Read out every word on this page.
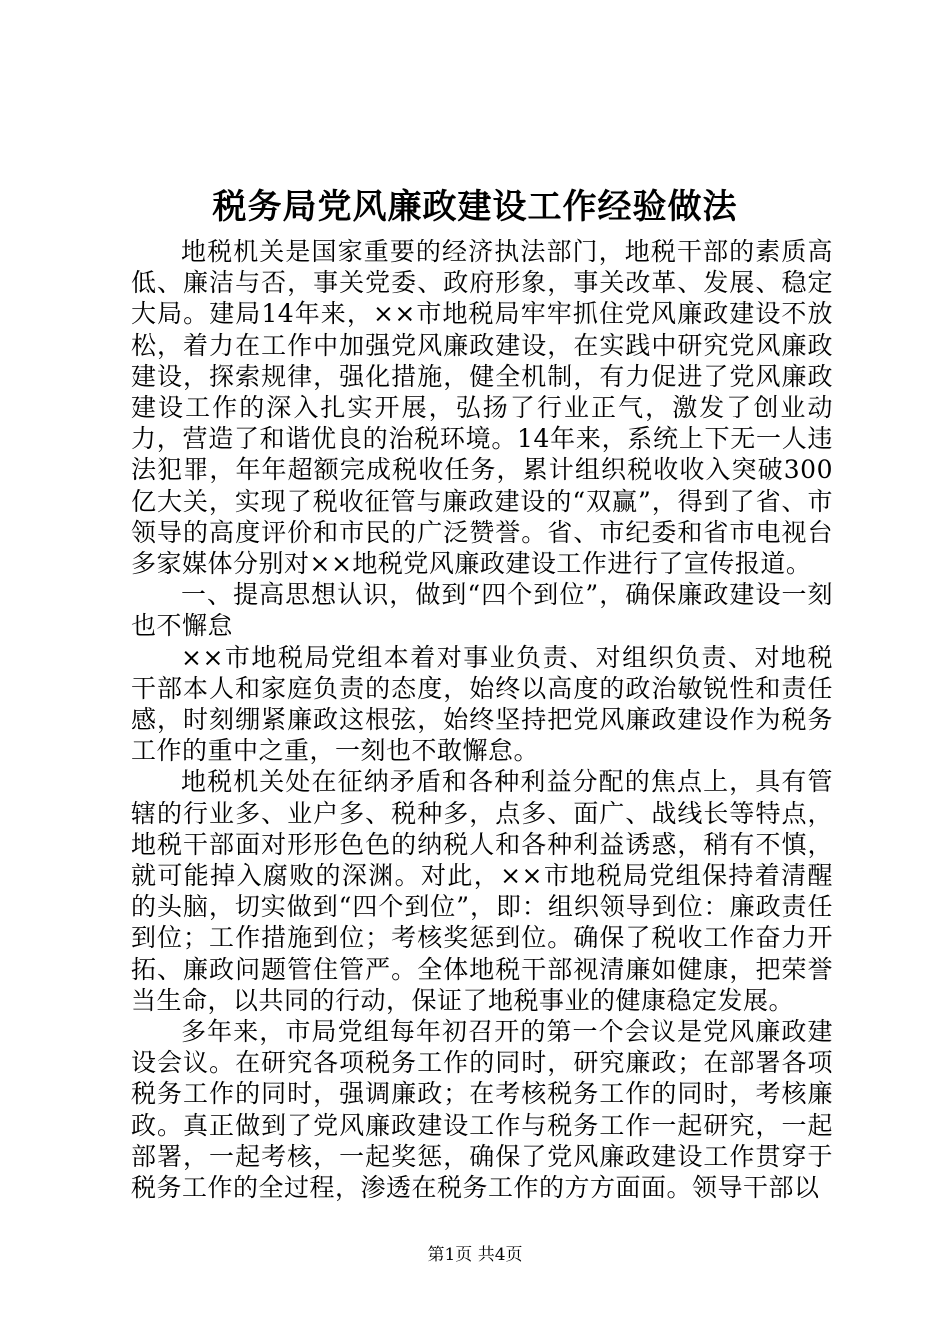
税务局党风廉政建设工作经验做法

地税机关是国家重要的经济执法部门，地税干部的素质高低、廉洁与否，事关党委、政府形象，事关改革、发展、稳定大局。建局14年来，××市地税局牢牢抓住党风廉政建设不放松，着力在工作中加强党风廉政建设，在实践中研究党风廉政建设，探索规律，强化措施，健全机制，有力促进了党风廉政建设工作的深入扎实开展，弘扬了行业正气，激发了创业动力，营造了和谐优良的治税环境。14年来，系统上下无一人违法犯罪，年年超额完成税收任务，累计组织税收收入突破300亿大关，实现了税收征管与廉政建设的“双赢”，得到了省、市领导的高度评价和市民的广泛赞誉。省、市纪委和省市电视台多家媒体分别对××地税党风廉政建设工作进行了宣传报道。

一、提高思想认识，做到“四个到位”，确保廉政建设一刻也不懈怠

××市地税局党组本着对事业负责、对组织负责、对地税干部本人和家庭负责的态度，始终以高度的政治敏锐性和责任感，时刻绷紧廉政这根弦，始终坚持把党风廉政建设作为税务工作的重中之重，一刻也不敢懈怠。

地税机关处在征纳矛盾和各种利益分配的焦点上，具有管辖的行业多、业户多、税种多，点多、面广、战线长等特点，地税干部面对形形色色的纳税人和各种利益诱惑，稍有不慎，就可能掉入腐败的深渊。对此，××市地税局党组保持着清醒的头脑，切实做到“四个到位”，即：组织领导到位：廉政责任到位；工作措施到位；考核奖惩到位。确保了税收工作奋力开拓、廉政问题管住管严。全体地税干部视清廉如健康，把荣誉当生命，以共同的行动，保证了地税事业的健康稳定发展。

多年来，市局党组每年初召开的第一个会议是党风廉政建设会议。在研究各项税务工作的同时，研究廉政；在部署各项税务工作的同时，强调廉政；在考核税务工作的同时，考核廉政。真正做到了党风廉政建设工作与税务工作一起研究，一起部署，一起考核，一起奖惩，确保了党风廉政建设工作贯穿于税务工作的全过程，渗透在税务工作的方方面面。领导干部以

第1页 共4页
